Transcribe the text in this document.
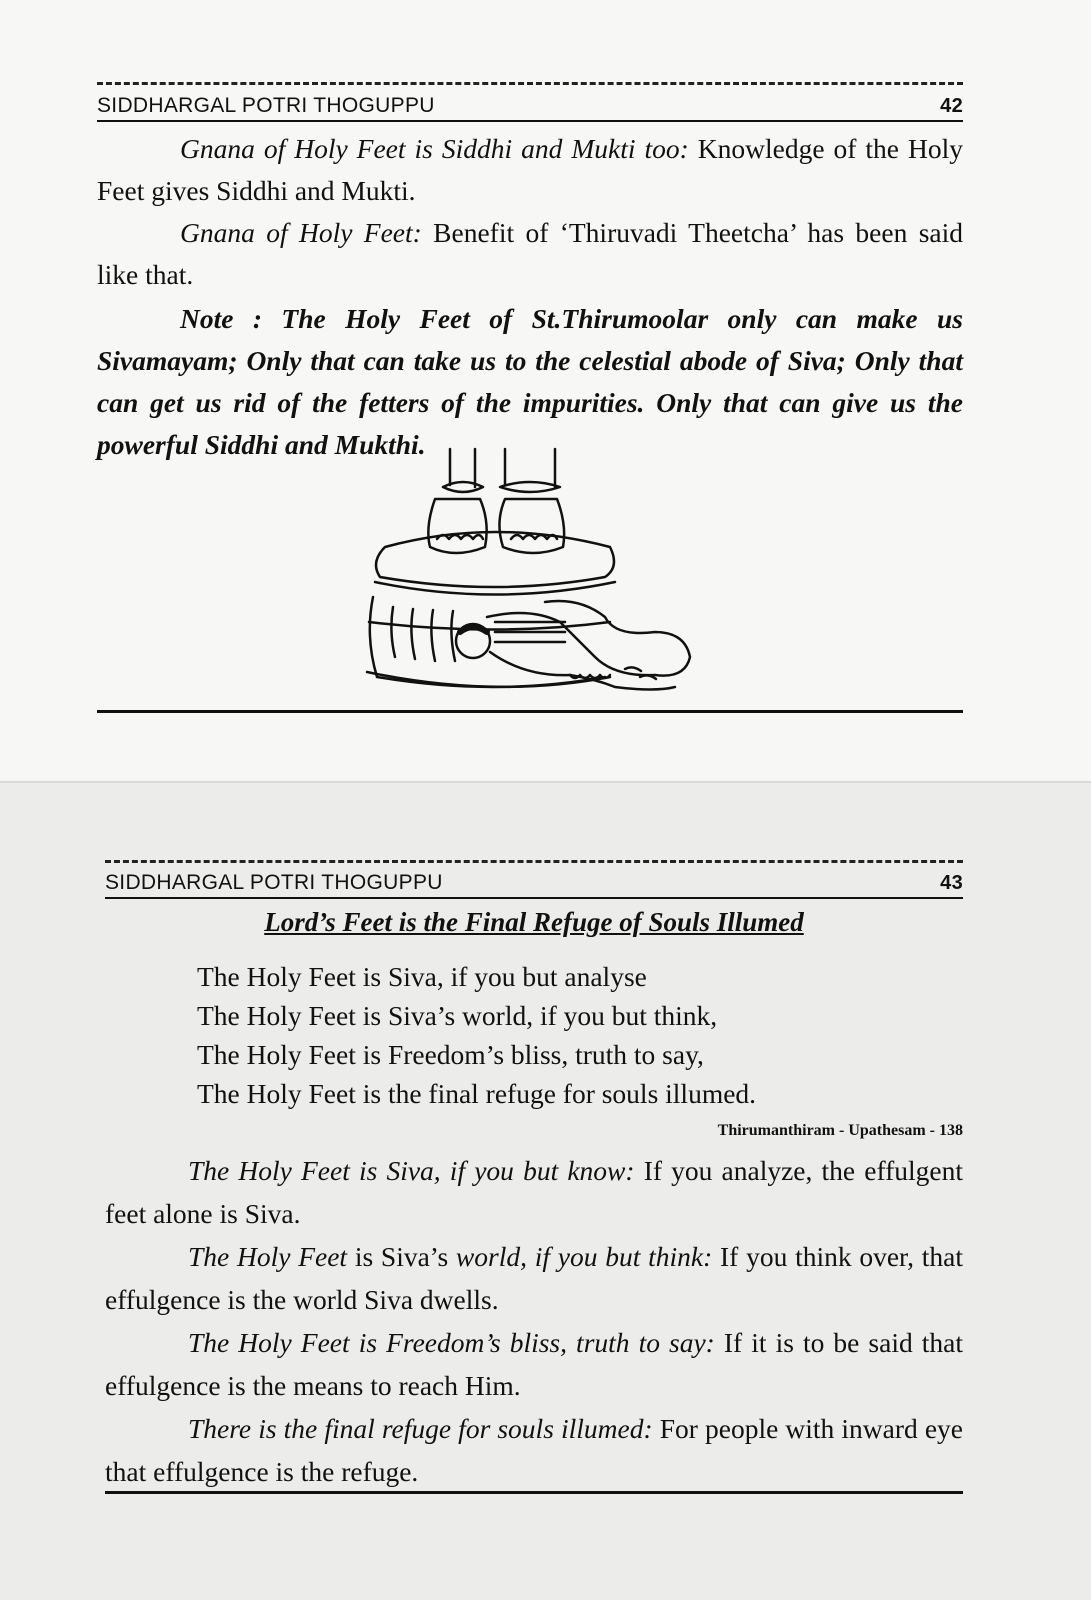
SIDDHARGAL POTRI THOGUPPU	42

Gnana of Holy Feet is Siddhi and Mukti too: Knowledge of the Holy Feet gives Siddhi and Mukti.

Gnana of Holy Feet: Benefit of ‘Thiruvadi Theetcha’ has been said like that.

Note : The Holy Feet of St.Thirumoolar only can make us Sivamayam; Only that can take us to the celestial abode of Siva; Only that can get us rid of the fetters of the impurities. Only that can give us the powerful Siddhi and Mukthi.

SIDDHARGAL POTRI THOGUPPU	43
Lord’s Feet is the Final Refuge of Souls Illumed

The Holy Feet is Siva, if you but analyse

The Holy Feet is Siva’s world, if you but think,

The Holy Feet is Freedom’s bliss, truth to say,

The Holy Feet is the final refuge for souls illumed.

Thirumanthiram - Upathesam - 138

The Holy Feet is Siva, if you but know: If you analyze, the effulgent feet alone is Siva.

The Holy Feet is Siva’s world, if you but think: If you think over, that effulgence is the world Siva dwells.

The Holy Feet is Freedom’s bliss, truth to say: If it is to be said that effulgence is the means to reach Him.

There is the final refuge for souls illumed: For people with inward eye that effulgence is the refuge.
